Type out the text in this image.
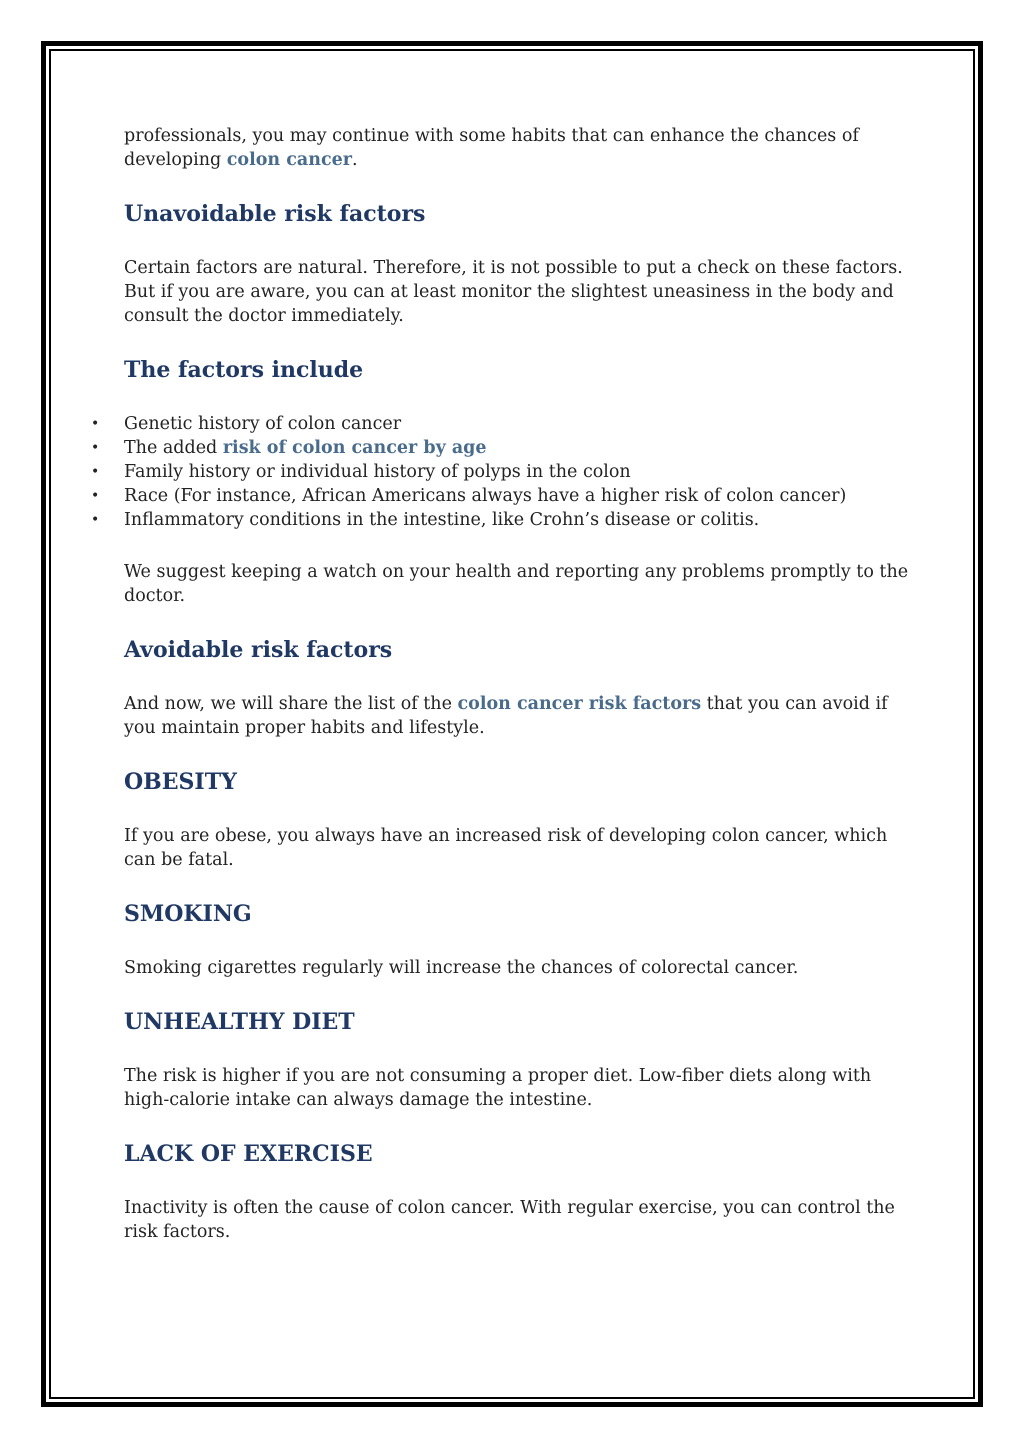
professionals, you may continue with some habits that can enhance the chances of developing colon cancer.

Unavoidable risk factors

Certain factors are natural. Therefore, it is not possible to put a check on these factors. But if you are aware, you can at least monitor the slightest uneasiness in the body and consult the doctor immediately.

The factors include
• Genetic history of colon cancer
• The added risk of colon cancer by age
• Family history or individual history of polyps in the colon
• Race (For instance, African Americans always have a higher risk of colon cancer)
• Inflammatory conditions in the intestine, like Crohn’s disease or colitis.

We suggest keeping a watch on your health and reporting any problems promptly to the doctor.

Avoidable risk factors

And now, we will share the list of the colon cancer risk factors that you can avoid if you maintain proper habits and lifestyle.

OBESITY

If you are obese, you always have an increased risk of developing colon cancer, which can be fatal.

SMOKING

Smoking cigarettes regularly will increase the chances of colorectal cancer.

UNHEALTHY DIET

The risk is higher if you are not consuming a proper diet. Low-fiber diets along with high-calorie intake can always damage the intestine.

LACK OF EXERCISE

Inactivity is often the cause of colon cancer. With regular exercise, you can control the risk factors.
